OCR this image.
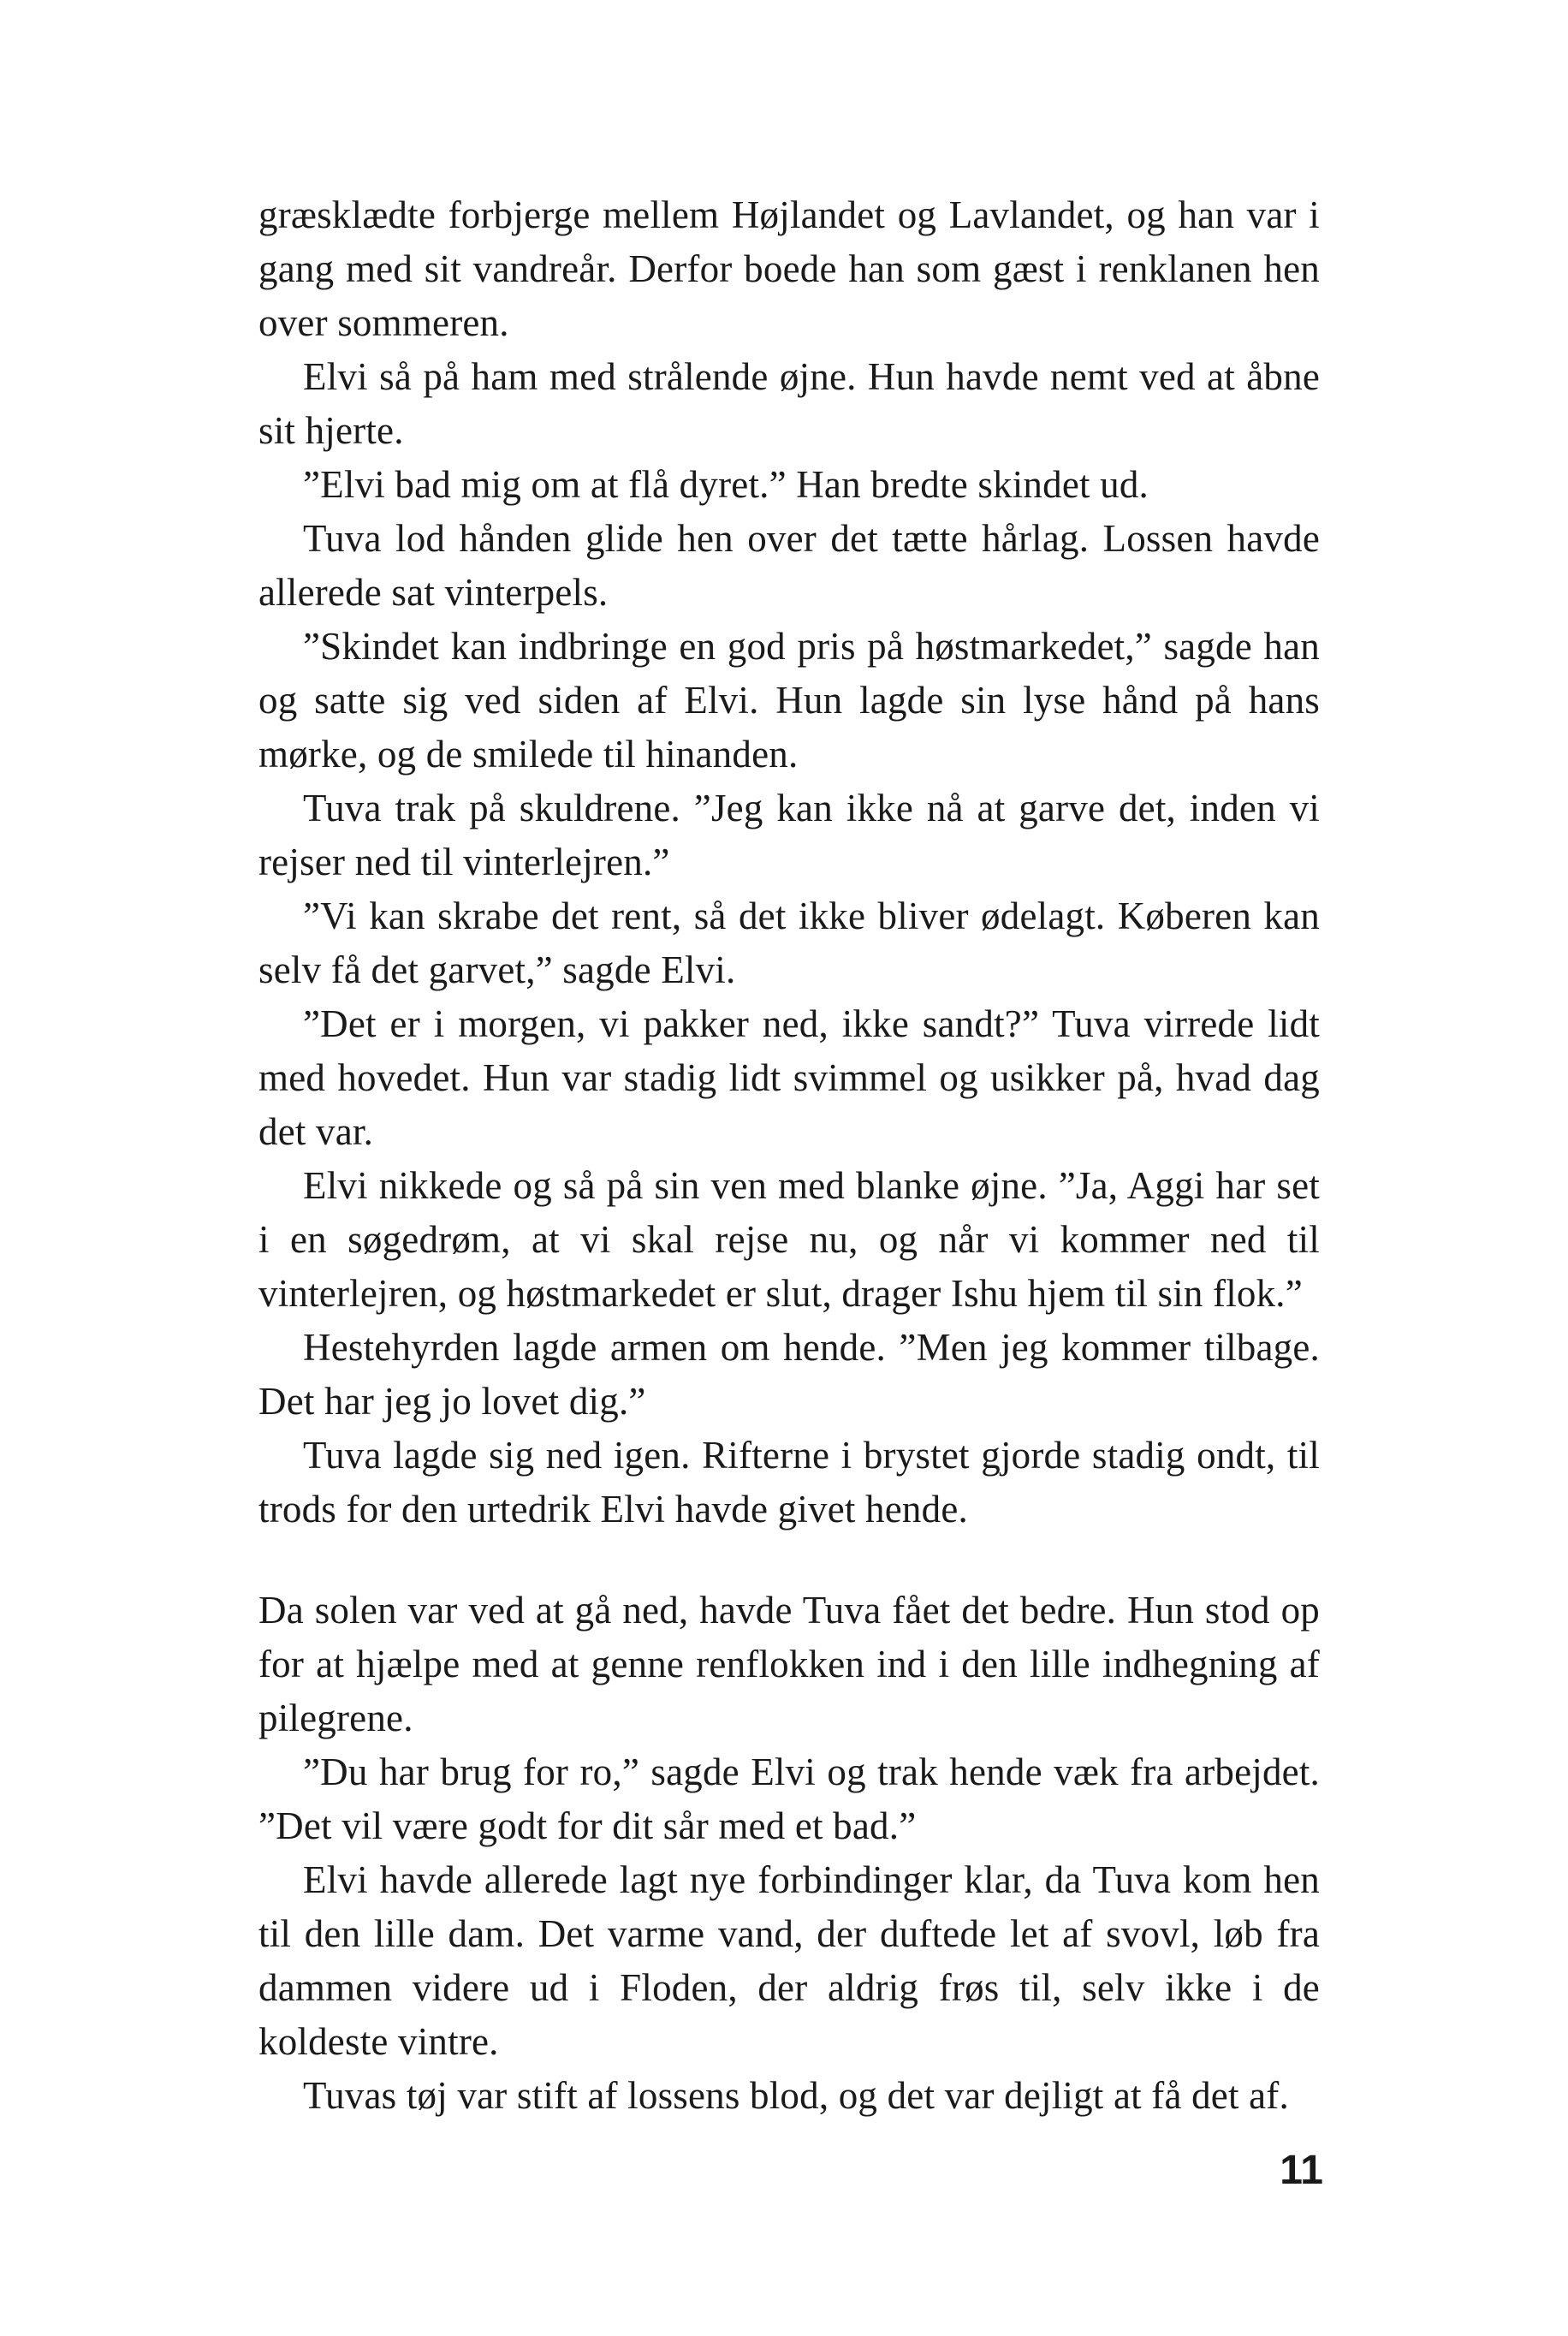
græsklædte forbjerge mellem Højlandet og Lavlandet, og han var i gang med sit vandreår. Derfor boede han som gæst i renklanen hen over sommeren.

Elvi så på ham med strålende øjne. Hun havde nemt ved at åbne sit hjerte.

”Elvi bad mig om at flå dyret.” Han bredte skindet ud.

Tuva lod hånden glide hen over det tætte hårlag. Lossen havde allerede sat vinterpels.

”Skindet kan indbringe en god pris på høstmarkedet,” sagde han og satte sig ved siden af Elvi. Hun lagde sin lyse hånd på hans mørke, og de smilede til hinanden.

Tuva trak på skuldrene. ”Jeg kan ikke nå at garve det, inden vi rejser ned til vinterlejren.”

”Vi kan skrabe det rent, så det ikke bliver ødelagt. Køberen kan selv få det garvet,” sagde Elvi.

”Det er i morgen, vi pakker ned, ikke sandt?” Tuva virrede lidt med hovedet. Hun var stadig lidt svimmel og usikker på, hvad dag det var.

Elvi nikkede og så på sin ven med blanke øjne. ”Ja, Aggi har set i en søgedrøm, at vi skal rejse nu, og når vi kommer ned til vinterlejren, og høstmarkedet er slut, drager Ishu hjem til sin flok.”

Hestehyrden lagde armen om hende. ”Men jeg kommer tilbage. Det har jeg jo lovet dig.”

Tuva lagde sig ned igen. Rifterne i brystet gjorde stadig ondt, til trods for den urtedrik Elvi havde givet hende.

Da solen var ved at gå ned, havde Tuva fået det bedre. Hun stod op for at hjælpe med at genne renflokken ind i den lille indhegning af pilegrene.

”Du har brug for ro,” sagde Elvi og trak hende væk fra arbejdet. ”Det vil være godt for dit sår med et bad.”

Elvi havde allerede lagt nye forbindinger klar, da Tuva kom hen til den lille dam. Det varme vand, der duftede let af svovl, løb fra dammen videre ud i Floden, der aldrig frøs til, selv ikke i de koldeste vintre.

Tuvas tøj var stift af lossens blod, og det var dejligt at få det af.

11
